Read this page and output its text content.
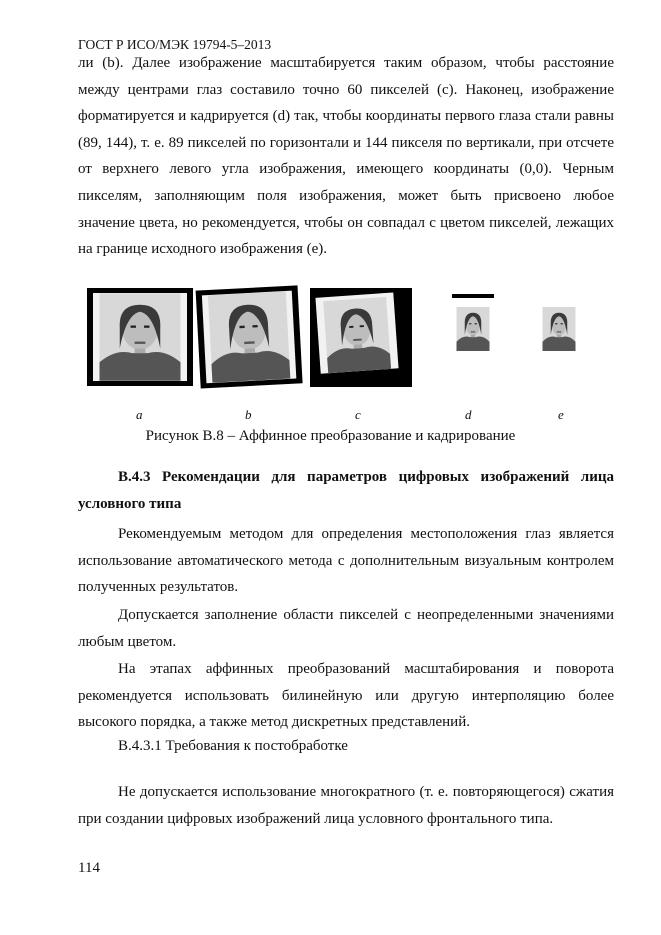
ГОСТ Р ИСО/МЭК 19794-5–2013

ли (b). Далее изображение масштабируется таким образом, чтобы расстояние между центрами глаз составило точно 60 пикселей (c). Наконец, изображение форматируется и кадрируется (d) так, чтобы координаты первого глаза стали равны (89, 144), т. е. 89 пикселей по горизонтали и 144 пикселя по вертикали, при отсчете от верхнего левого угла изображения, имеющего координаты (0,0). Черным пикселям, заполняющим поля изображения, может быть присвоено любое значение цвета, но рекомендуется, чтобы он совпадал с цветом пикселей, лежащих на границе исходного изображения (e).

a	b	c	d	e
Рисунок В.8 – Аффинное преобразование и кадрирование

В.4.3 Рекомендации для параметров цифровых изображений лица условного типа

Рекомендуемым методом для определения местоположения глаз является использование автоматического метода с дополнительным визуальным контролем полученных результатов.

Допускается заполнение области пикселей с неопределенными значениями любым цветом.

На этапах аффинных преобразований масштабирования и поворота рекомендуется использовать билинейную или другую интерполяцию более высокого порядка, а также метод дискретных представлений.

В.4.3.1 Требования к постобработке

Не допускается использование многократного (т. е. повторяющегося) сжатия при создании цифровых изображений лица условного фронтального типа.

114
